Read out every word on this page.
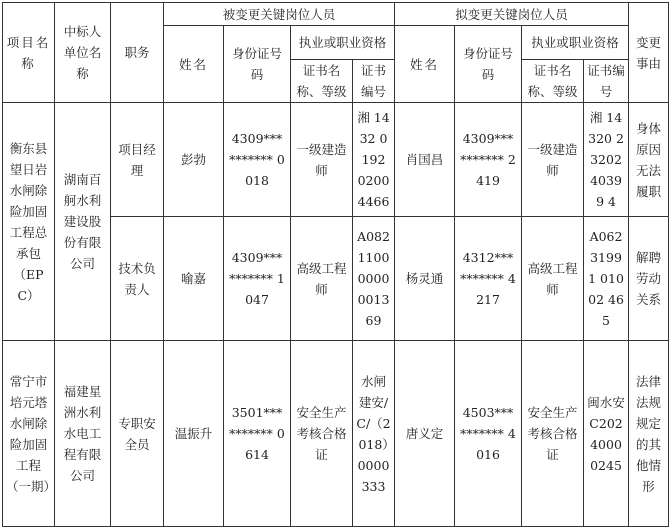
项目名称	中标人单位名称	职务	被变更关键岗位人员				拟变更关键岗位人员				变更事由

			姓名	身份证号码	执业或职业资格		姓名	身份证号码	执业或职业资格		

					证书名称、等级	证书编号			证书名称、等级	证书编号	

衡东县望日岩水闸除险加固工程总承包（EPC）	湖南百舸水利建设股份有限公司	项目经理	彭勃	4309*** ******* 0018	一级建造师	湘 1432 0192 0200 4466	肖国昌	4309*** ******* 2419	一级建造师	湘 14320 23202 40399 4	身体原因无法履职

		技术负责人	喻嘉	4309*** ******* 1047	高级工程师	A082 1100 0000 0013 69	杨灵通	4312*** ******* 4217	高级工程师	A062 31991 01002 465	解聘劳动关系

常宁市培元塔水闸除险加固工程（一期）	福建星洲水利水电工程有限公司	专职安全员	温振升	3501*** ******* 0614	安全生产考核合格证	水闸建安/C/（2018）0000333	唐义定	4503*** ******* 4016	安全生产考核合格证	闽水安C20240000245	法律法规规定的其他情形
